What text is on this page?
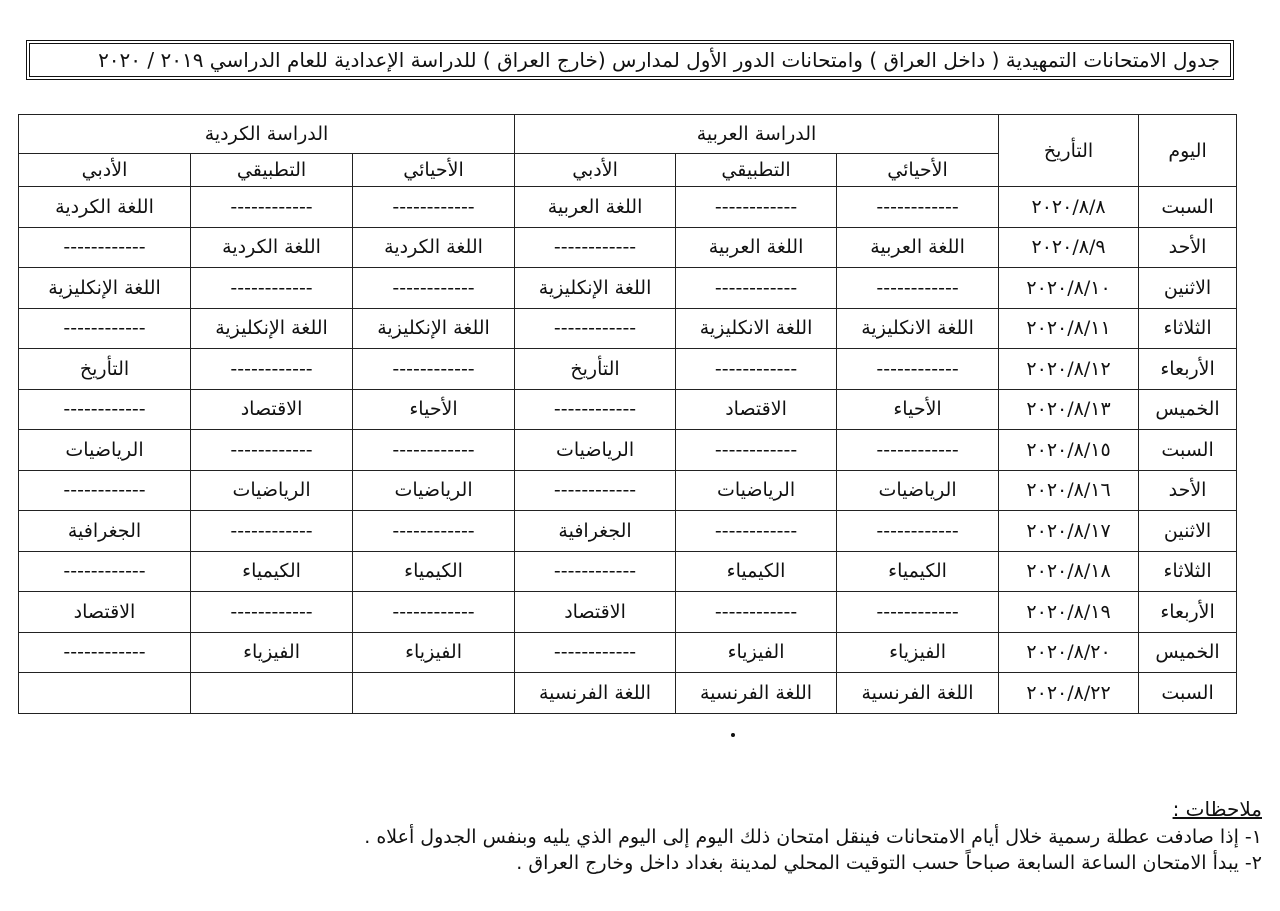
جدول الامتحانات التمهيدية ( داخل العراق ) وامتحانات الدور الأول لمدارس (خارج العراق ) للدراسة الإعدادية للعام الدراسي ٢٠١٩ / ٢٠٢٠
اليوم	التأريخ	الدراسة العربية			الدراسة الكردية		
		الأحيائي	التطبيقي	الأدبي	الأحيائي	التطبيقي	الأدبي
السبت	٢٠٢٠/٨/٨	------------	------------	اللغة العربية	------------	------------	اللغة الكردية
الأحد	٢٠٢٠/٨/٩	اللغة العربية	اللغة العربية	------------	اللغة الكردية	اللغة الكردية	------------
الاثنين	٢٠٢٠/٨/١٠	------------	------------	اللغة الإنكليزية	------------	------------	اللغة الإنكليزية
الثلاثاء	٢٠٢٠/٨/١١	اللغة الانكليزية	اللغة الانكليزية	------------	اللغة الإنكليزية	اللغة الإنكليزية	------------
الأربعاء	٢٠٢٠/٨/١٢	------------	------------	التأريخ	------------	------------	التأريخ
الخميس	٢٠٢٠/٨/١٣	الأحياء	الاقتصاد	------------	الأحياء	الاقتصاد	------------
السبت	٢٠٢٠/٨/١٥	------------	------------	الرياضيات	------------	------------	الرياضيات
الأحد	٢٠٢٠/٨/١٦	الرياضيات	الرياضيات	------------	الرياضيات	الرياضيات	------------
الاثنين	٢٠٢٠/٨/١٧	------------	------------	الجغرافية	------------	------------	الجغرافية
الثلاثاء	٢٠٢٠/٨/١٨	الكيمياء	الكيمياء	------------	الكيمياء	الكيمياء	------------
الأربعاء	٢٠٢٠/٨/١٩	------------	------------	الاقتصاد	------------	------------	الاقتصاد
الخميس	٢٠٢٠/٨/٢٠	الفيزياء	الفيزياء	------------	الفيزياء	الفيزياء	------------
السبت	٢٠٢٠/٨/٢٢	اللغة الفرنسية	اللغة الفرنسية	اللغة الفرنسية			
ملاحظات :
١- إذا صادفت عطلة رسمية خلال أيام الامتحانات فينقل امتحان ذلك اليوم إلى اليوم الذي يليه وبنفس الجدول أعلاه .
٢- يبدأ الامتحان الساعة السابعة صباحاً حسب التوقيت المحلي لمدينة بغداد داخل وخارج العراق .
